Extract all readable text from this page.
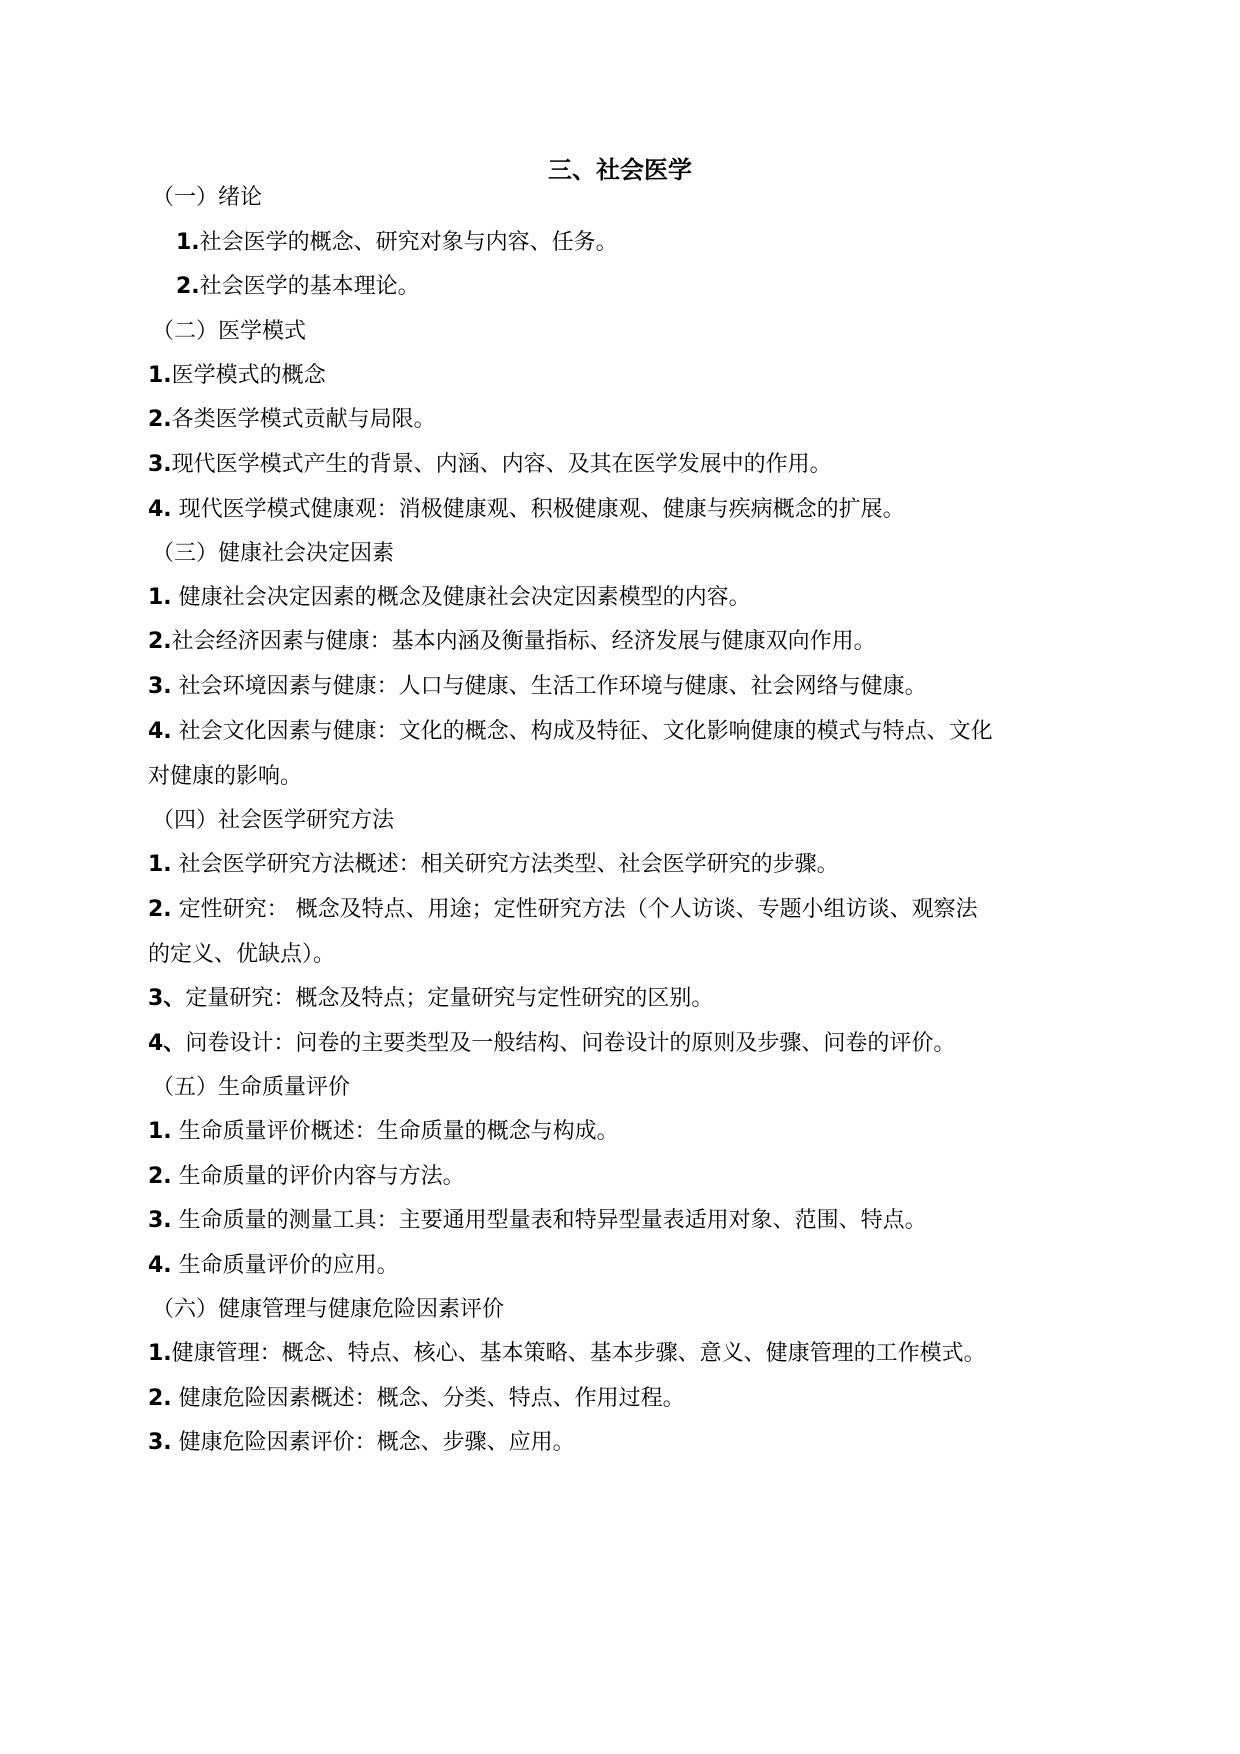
三、社会医学

（一）绪论

1.社会医学的概念、研究对象与内容、任务。

2.社会医学的基本理论。

（二）医学模式

1.医学模式的概念

2.各类医学模式贡献与局限。

3.现代医学模式产生的背景、内涵、内容、及其在医学发展中的作用。

4. 现代医学模式健康观：消极健康观、积极健康观、健康与疾病概念的扩展。

（三）健康社会决定因素

1. 健康社会决定因素的概念及健康社会决定因素模型的内容。

2.社会经济因素与健康：基本内涵及衡量指标、经济发展与健康双向作用。

3. 社会环境因素与健康：人口与健康、生活工作环境与健康、社会网络与健康。

4. 社会文化因素与健康：文化的概念、构成及特征、文化影响健康的模式与特点、文化

对健康的影响。

（四）社会医学研究方法

1. 社会医学研究方法概述：相关研究方法类型、社会医学研究的步骤。

2. 定性研究： 概念及特点、用途；定性研究方法（个人访谈、专题小组访谈、观察法

的定义、优缺点）。

3、定量研究：概念及特点；定量研究与定性研究的区别。

4、问卷设计：问卷的主要类型及一般结构、问卷设计的原则及步骤、问卷的评价。

（五）生命质量评价

1. 生命质量评价概述：生命质量的概念与构成。

2. 生命质量的评价内容与方法。

3. 生命质量的测量工具：主要通用型量表和特异型量表适用对象、范围、特点。

4. 生命质量评价的应用。

（六）健康管理与健康危险因素评价

1.健康管理：概念、特点、核心、基本策略、基本步骤、意义、健康管理的工作模式。

2. 健康危险因素概述：概念、分类、特点、作用过程。

3. 健康危险因素评价：概念、步骤、应用。
